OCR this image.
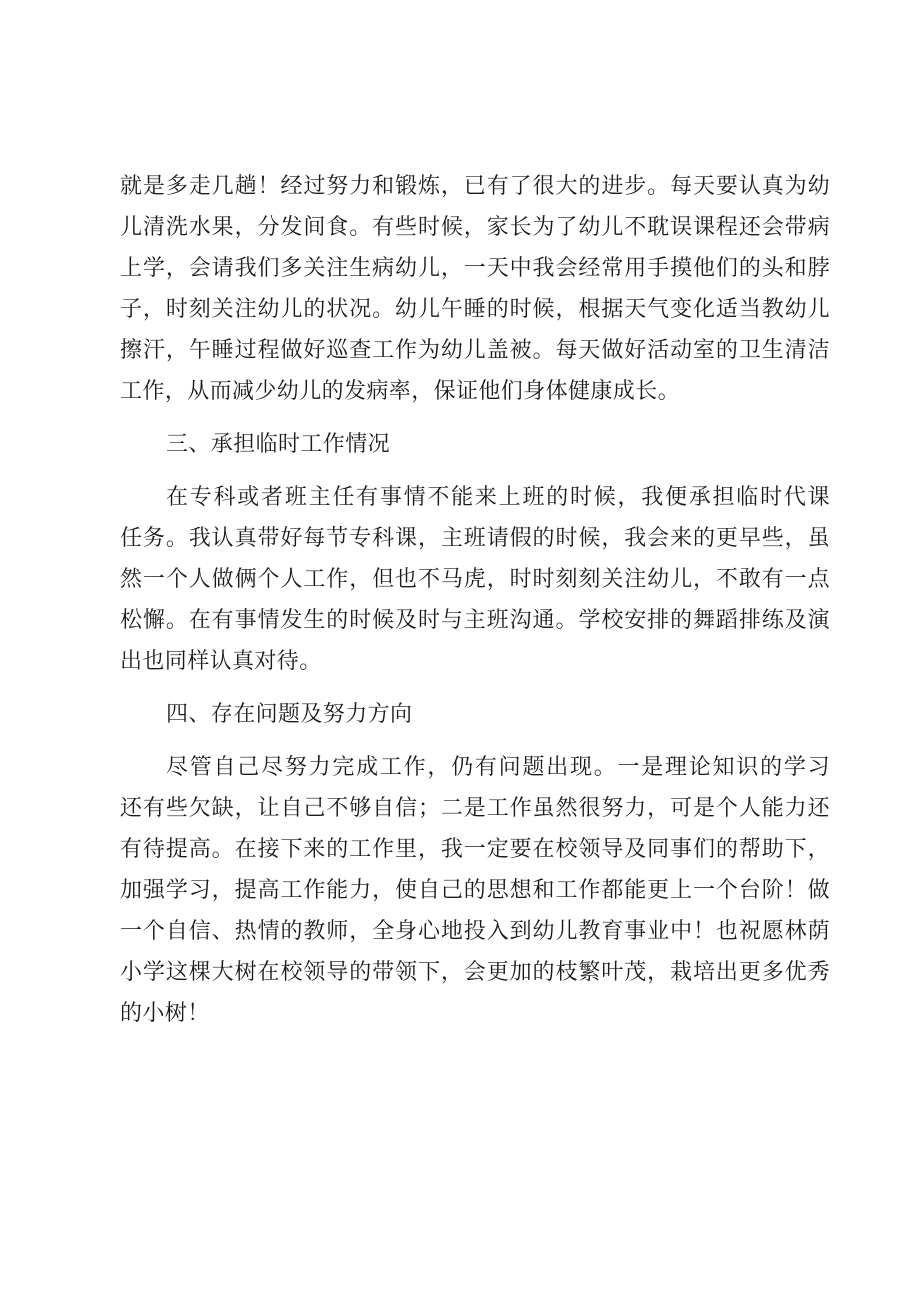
就是多走几趟！经过努力和锻炼，已有了很大的进步。每天要认真为幼
儿清洗水果，分发间食。有些时候，家长为了幼儿不耽误课程还会带病
上学，会请我们多关注生病幼儿，一天中我会经常用手摸他们的头和脖
子，时刻关注幼儿的状况。幼儿午睡的时候，根据天气变化适当教幼儿
擦汗，午睡过程做好巡查工作为幼儿盖被。每天做好活动室的卫生清洁
工作，从而减少幼儿的发病率，保证他们身体健康成长。
三、承担临时工作情况
在专科或者班主任有事情不能来上班的时候，我便承担临时代课
任务。我认真带好每节专科课，主班请假的时候，我会来的更早些，虽
然一个人做俩个人工作，但也不马虎，时时刻刻关注幼儿，不敢有一点
松懈。在有事情发生的时候及时与主班沟通。学校安排的舞蹈排练及演
出也同样认真对待。
四、存在问题及努力方向
尽管自己尽努力完成工作，仍有问题出现。一是理论知识的学习
还有些欠缺，让自己不够自信；二是工作虽然很努力，可是个人能力还
有待提高。在接下来的工作里，我一定要在校领导及同事们的帮助下，
加强学习，提高工作能力，使自己的思想和工作都能更上一个台阶！做
一个自信、热情的教师，全身心地投入到幼儿教育事业中！也祝愿林荫
小学这棵大树在校领导的带领下，会更加的枝繁叶茂，栽培出更多优秀
的小树！
